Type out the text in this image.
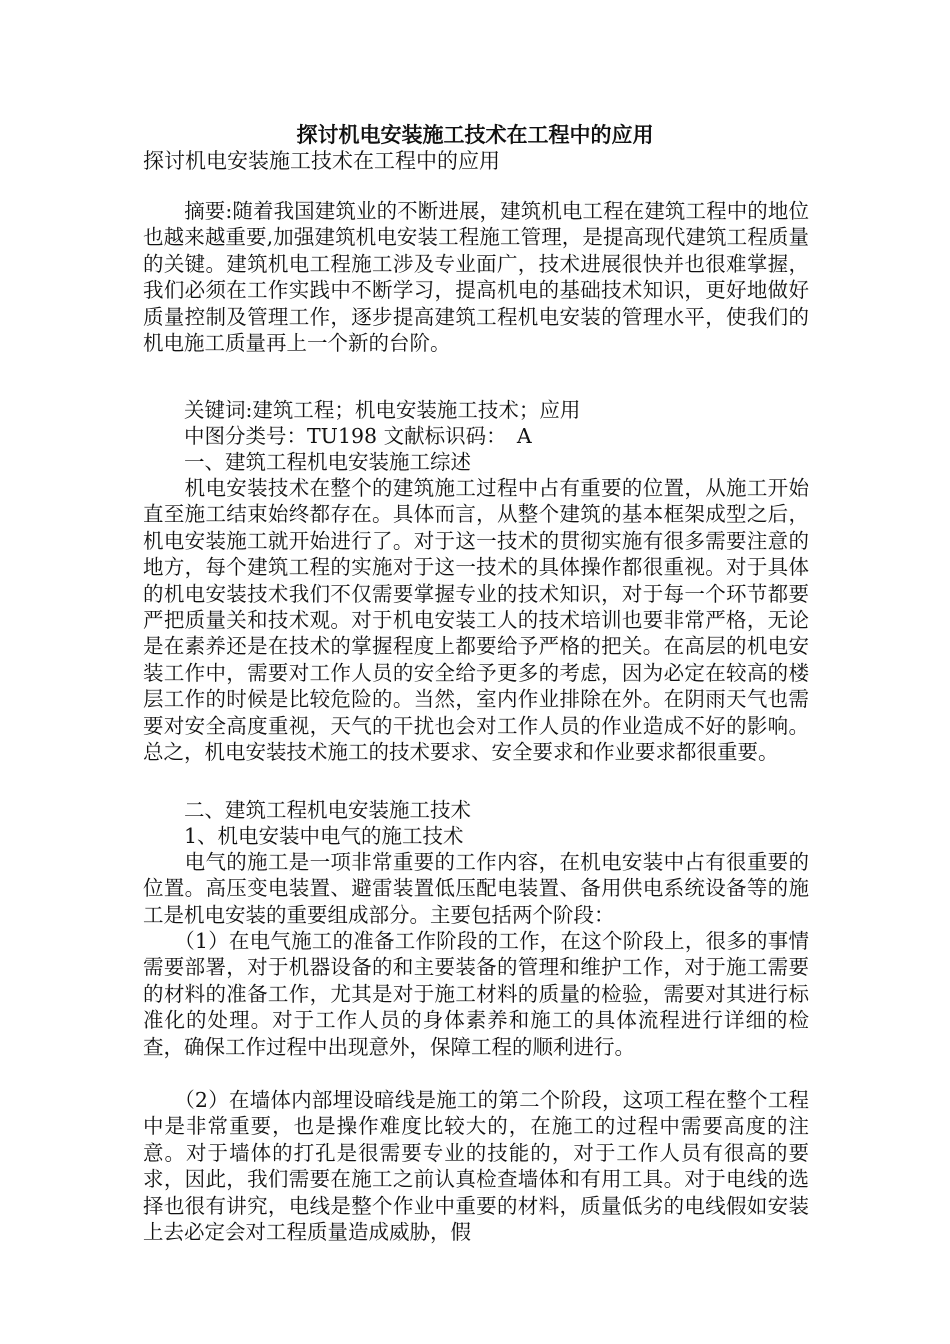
探讨机电安装施工技术在工程中的应用

探讨机电安装施工技术在工程中的应用

　　摘要:随着我国建筑业的不断进展，建筑机电工程在建筑工程中的地位也越来越重要,加强建筑机电安装工程施工管理，是提高现代建筑工程质量的关键。建筑机电工程施工涉及专业面广，技术进展很快并也很难掌握，我们必须在工作实践中不断学习，提高机电的基础技术知识，更好地做好质量控制及管理工作，逐步提高建筑工程机电安装的管理水平，使我们的机电施工质量再上一个新的台阶。

　　关键词:建筑工程；机电安装施工技术；应用

　　中图分类号：TU198 文献标识码：　A

　　一、建筑工程机电安装施工综述

　　机电安装技术在整个的建筑施工过程中占有重要的位置，从施工开始直至施工结束始终都存在。具体而言，从整个建筑的基本框架成型之后，机电安装施工就开始进行了。对于这一技术的贯彻实施有很多需要注意的地方，每个建筑工程的实施对于这一技术的具体操作都很重视。对于具体的机电安装技术我们不仅需要掌握专业的技术知识，对于每一个环节都要严把质量关和技术观。对于机电安装工人的技术培训也要非常严格，无论是在素养还是在技术的掌握程度上都要给予严格的把关。在高层的机电安装工作中，需要对工作人员的安全给予更多的考虑，因为必定在较高的楼层工作的时候是比较危险的。当然，室内作业排除在外。在阴雨天气也需要对安全高度重视，天气的干扰也会对工作人员的作业造成不好的影响。总之，机电安装技术施工的技术要求、安全要求和作业要求都很重要。

　　二、建筑工程机电安装施工技术

　　1、机电安装中电气的施工技术

　　电气的施工是一项非常重要的工作内容，在机电安装中占有很重要的位置。高压变电装置、避雷装置低压配电装置、备用供电系统设备等的施工是机电安装的重要组成部分。主要包括两个阶段：

　　（1）在电气施工的准备工作阶段的工作，在这个阶段上，很多的事情需要部署，对于机器设备的和主要装备的管理和维护工作，对于施工需要的材料的准备工作，尤其是对于施工材料的质量的检验，需要对其进行标准化的处理。对于工作人员的身体素养和施工的具体流程进行详细的检查，确保工作过程中出现意外，保障工程的顺利进行。

　　（2）在墙体内部埋设暗线是施工的第二个阶段，这项工程在整个工程中是非常重要，也是操作难度比较大的，在施工的过程中需要高度的注意。对于墙体的打孔是很需要专业的技能的，对于工作人员有很高的要求，因此，我们需要在施工之前认真检查墙体和有用工具。对于电线的选择也很有讲究，电线是整个作业中重要的材料，质量低劣的电线假如安装上去必定会对工程质量造成威胁，假
